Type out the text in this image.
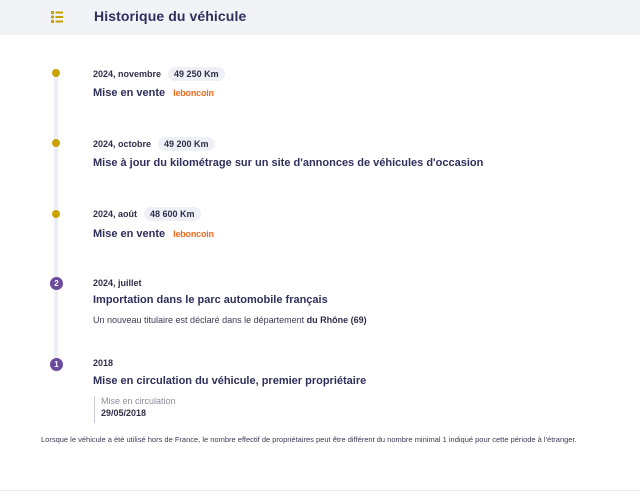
Historique du véhicule
2024, novembre	49 250 Km
Mise en vente leboncoin
2024, octobre	49 200 Km
Mise à jour du kilométrage sur un site d'annonces de véhicules d'occasion
2024, août	48 600 Km
Mise en vente leboncoin
2	2024, juillet
Importation dans le parc automobile français
Un nouveau titulaire est déclaré dans le département du Rhône (69)
1	2018
Mise en circulation du véhicule, premier propriétaire
Mise en circulation
29/05/2018
Lorsque le véhicule a été utilisé hors de France, le nombre effectif de propriétaires peut être différent du nombre minimal 1 indiqué pour cette période à l'étranger.
